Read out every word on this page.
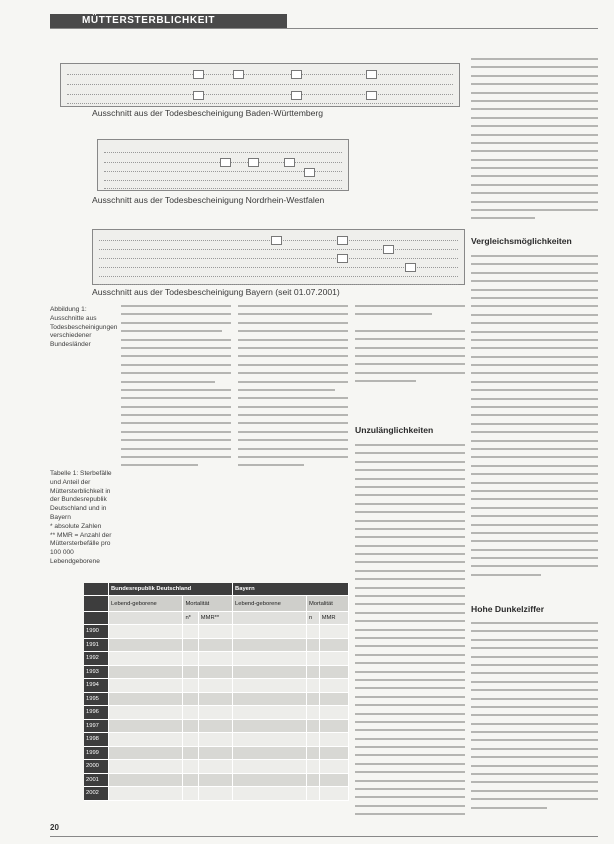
MÜTTERSTERBLICHKEIT
Ausschnitt aus der Todesbescheinigung Baden-Württemberg
Ausschnitt aus der Todesbescheinigung Nordrhein-Westfalen
Ausschnitt aus der Todesbescheinigung Bayern (seit 01.07.2001)
Abbildung 1: Ausschnitte aus Todesbescheinigungen verschiedener Bundesländer
Tabelle 1: Sterbefälle und Anteil der Müttersterblichkeit in der Bundesrepublik Deutschland und in Bayern
* absolute Zahlen
** MMR = Anzahl der Müttersterbefälle pro 100 000 Lebendgeborene
Unzulänglichkeiten
Vergleichsmöglichkeiten
Hohe Dunkelziffer
	Bundesrepublik Deutschland			Bayern		
	Lebend-geborene	Mortalität		Lebend-geborene	Mortalität	
		n*	MMR**		n	MMR
1990						
1991						
1992						
1993						
1994						
1995						
1996						
1997						
1998						
1999						
2000						
2001						
2002						
20
